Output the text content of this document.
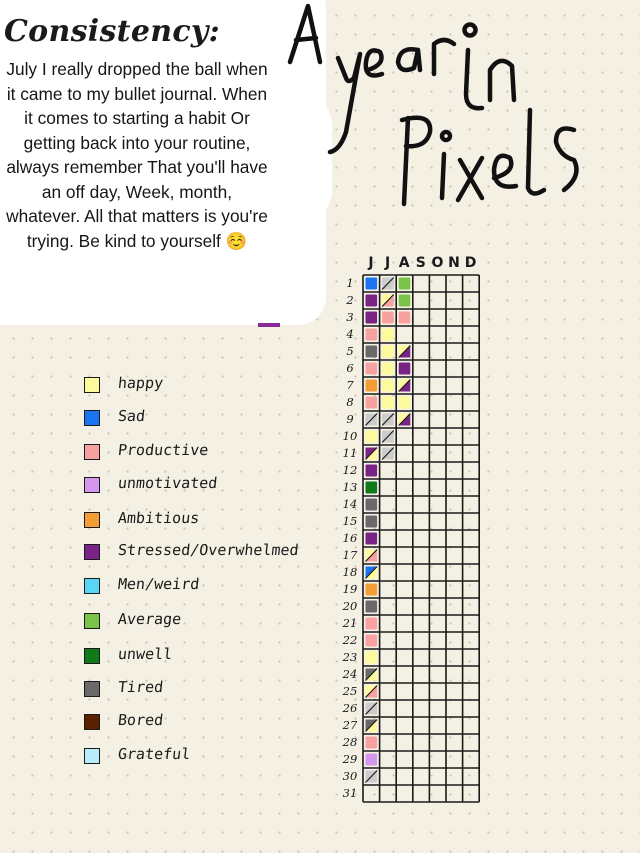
Consistency:
July I really dropped the ball when it came to my bullet journal. When it comes to starting a habit Or getting back into your routine, always remember That you'll have an off day, Week, month, whatever. All that matters is you're trying. Be kind to yourself ☺️
A year in Pixels
happy
Sad
Productive
unmotivated
Ambitious
Stressed/Overwhelmed
Men/weird
Average
unwell
Tired
Bored
Grateful
J J A S O N D
1
2
3
4
5
6
7
8
9
10
11
12
13
14
15
16
17
18
19
20
21
22
23
24
25
26
27
28
29
30
31
